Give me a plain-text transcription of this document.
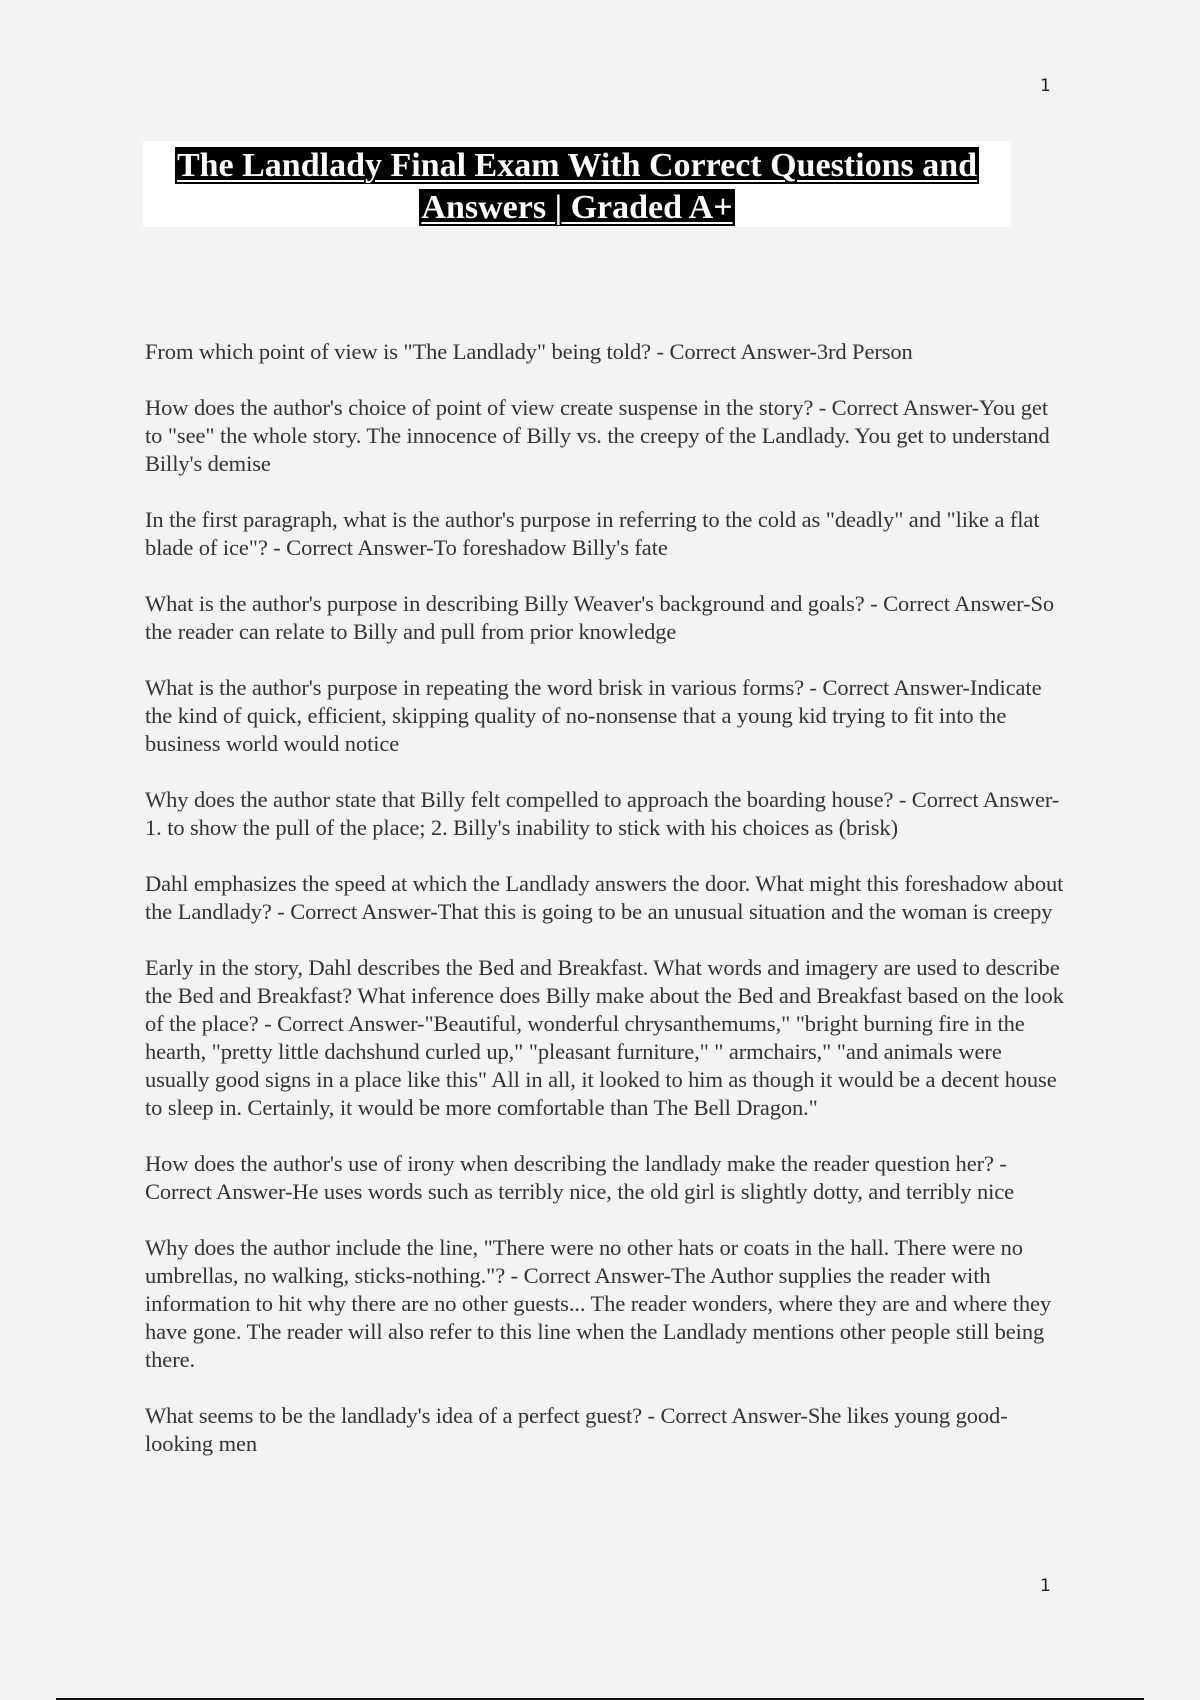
1
The Landlady Final Exam With Correct Questions and
Answers | Graded A+

From which point of view is "The Landlady" being told? - Correct Answer-3rd Person

How does the author's choice of point of view create suspense in the story? - Correct Answer-You get to "see" the whole story. The innocence of Billy vs. the creepy of the Landlady. You get to understand Billy's demise

In the first paragraph, what is the author's purpose in referring to the cold as "deadly" and "like a flat blade of ice"? - Correct Answer-To foreshadow Billy's fate

What is the author's purpose in describing Billy Weaver's background and goals? - Correct Answer-So the reader can relate to Billy and pull from prior knowledge

What is the author's purpose in repeating the word brisk in various forms? - Correct Answer-Indicate the kind of quick, efficient, skipping quality of no-nonsense that a young kid trying to fit into the business world would notice

Why does the author state that Billy felt compelled to approach the boarding house? - Correct Answer-1. to show the pull of the place; 2. Billy's inability to stick with his choices as (brisk)

Dahl emphasizes the speed at which the Landlady answers the door. What might this foreshadow about the Landlady? - Correct Answer-That this is going to be an unusual situation and the woman is creepy

Early in the story, Dahl describes the Bed and Breakfast. What words and imagery are used to describe the Bed and Breakfast? What inference does Billy make about the Bed and Breakfast based on the look of the place? - Correct Answer-"Beautiful, wonderful chrysanthemums," "bright burning fire in the hearth, "pretty little dachshund curled up," "pleasant furniture," " armchairs," "and animals were usually good signs in a place like this" All in all, it looked to him as though it would be a decent house to sleep in. Certainly, it would be more comfortable than The Bell Dragon."

How does the author's use of irony when describing the landlady make the reader question her? - Correct Answer-He uses words such as terribly nice, the old girl is slightly dotty, and terribly nice

Why does the author include the line, "There were no other hats or coats in the hall. There were no umbrellas, no walking, sticks-nothing."? - Correct Answer-The Author supplies the reader with information to hit why there are no other guests... The reader wonders, where they are and where they have gone. The reader will also refer to this line when the Landlady mentions other people still being there.

What seems to be the landlady's idea of a perfect guest? - Correct Answer-She likes young good-looking men

1
